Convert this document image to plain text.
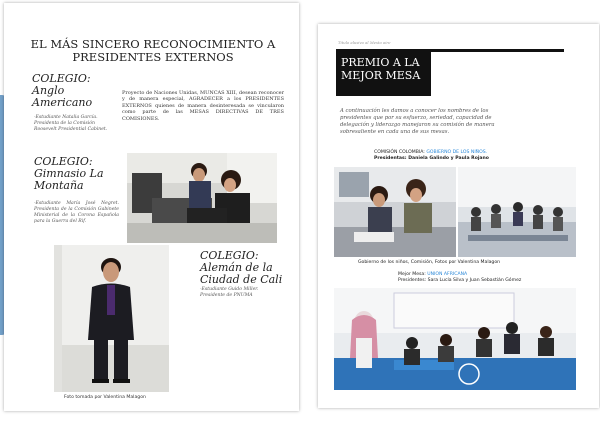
EL MÁS SINCERO RECONOCIMIENTO A PRESIDENTES EXTERNOS
COLEGIO: Anglo Americano
-Estudiante Natalia García. Presidenta de la Comisión Roosevelt Presidential Cabinet.
Proyecto de Naciones Unidas, MUNCAS XIII, desean reconocer y de manera especial, AGRADECER a los PRESIDENTES EXTERNOS quienes de manera desinteresada se vincularon como parte de las MESAS DIRECTIVAS DE TRES COMISIONES.
COLEGIO: Gimnasio La Montaña
-Estudiante María José Negret. Presidenta de la Comisión Gabinete Ministerial de la Corona Española para la Guerra del Rif.
Foto tomada por Valentina Malagon
COLEGIO: Alemán de la Ciudad de Cali
-Estudiante Guido Miller. Presidente de PNUMA
Titulo alusivo al Mesto aire
PREMIO A LA MEJOR MESA
A continuación les damos a conocer los nombres de los presidentes que por su esfuerzo, seriedad, capacidad de delegación y liderazgo manejaron su comisión de manera sobresaliente en cada una de sus mesas.
COMISIÓN COLOMBIA: GOBIERNO DE LOS NIÑOS.
Presidentas: Daniela Galindo y Paula Rojano
Gobierno de los niños, Comisión, Fotos por Valentina Malagon
Mejor Mesa: UNION AFRICANA
Presidentes: Sara Lucía Silva y Juan Sebastián Gómez
